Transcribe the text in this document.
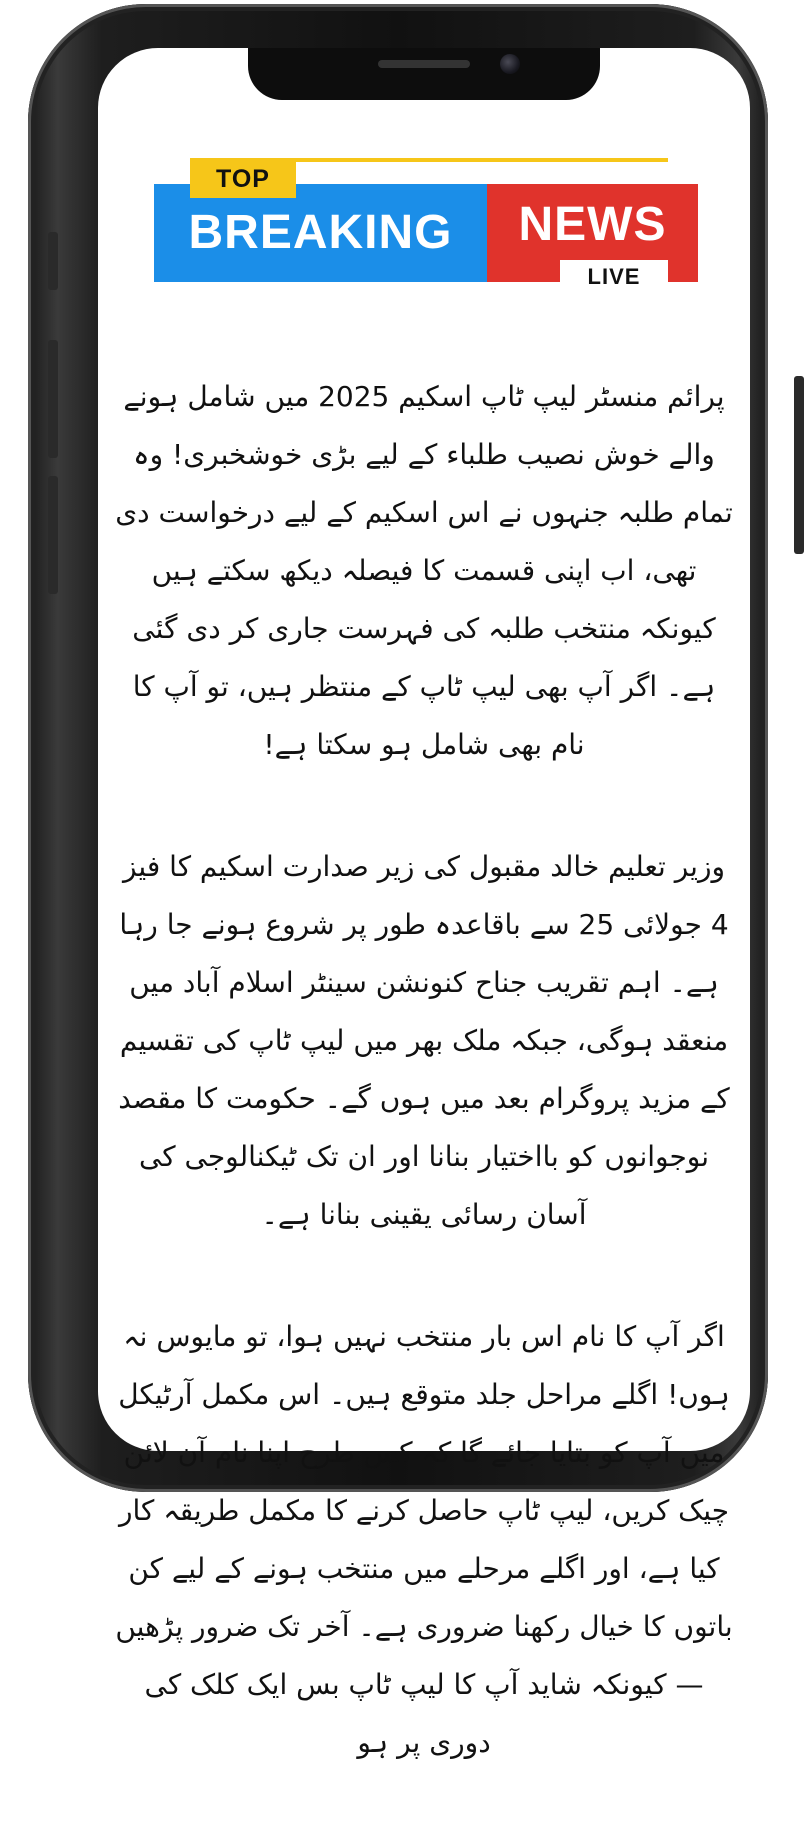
BREAKING	NEWS
TOP
LIVE

پرائم منسٹر لیپ ٹاپ اسکیم 2025 میں شامل ہونے والے خوش نصیب طلباء کے لیے بڑی خوشخبری! وہ تمام طلبہ جنہوں نے اس اسکیم کے لیے درخواست دی تھی، اب اپنی قسمت کا فیصلہ دیکھ سکتے ہیں کیونکہ منتخب طلبہ کی فہرست جاری کر دی گئی ہے۔ اگر آپ بھی لیپ ٹاپ کے منتظر ہیں، تو آپ کا نام بھی شامل ہو سکتا ہے!

وزیر تعلیم خالد مقبول کی زیر صدارت اسکیم کا فیز 4 جولائی 25 سے باقاعدہ طور پر شروع ہونے جا رہا ہے۔ اہم تقریب جناح کنونشن سینٹر اسلام آباد میں منعقد ہوگی، جبکہ ملک بھر میں لیپ ٹاپ کی تقسیم کے مزید پروگرام بعد میں ہوں گے۔ حکومت کا مقصد نوجوانوں کو بااختیار بنانا اور ان تک ٹیکنالوجی کی آسان رسائی یقینی بنانا ہے۔

اگر آپ کا نام اس بار منتخب نہیں ہوا، تو مایوس نہ ہوں! اگلے مراحل جلد متوقع ہیں۔ اس مکمل آرٹیکل میں آپ کو بتایا جائے گا کہ کس طرح اپنا نام آن لائن چیک کریں، لیپ ٹاپ حاصل کرنے کا مکمل طریقہ کار کیا ہے، اور اگلے مرحلے میں منتخب ہونے کے لیے کن باتوں کا خیال رکھنا ضروری ہے۔ آخر تک ضرور پڑھیں — کیونکہ شاید آپ کا لیپ ٹاپ بس ایک کلک کی دوری پر ہو
